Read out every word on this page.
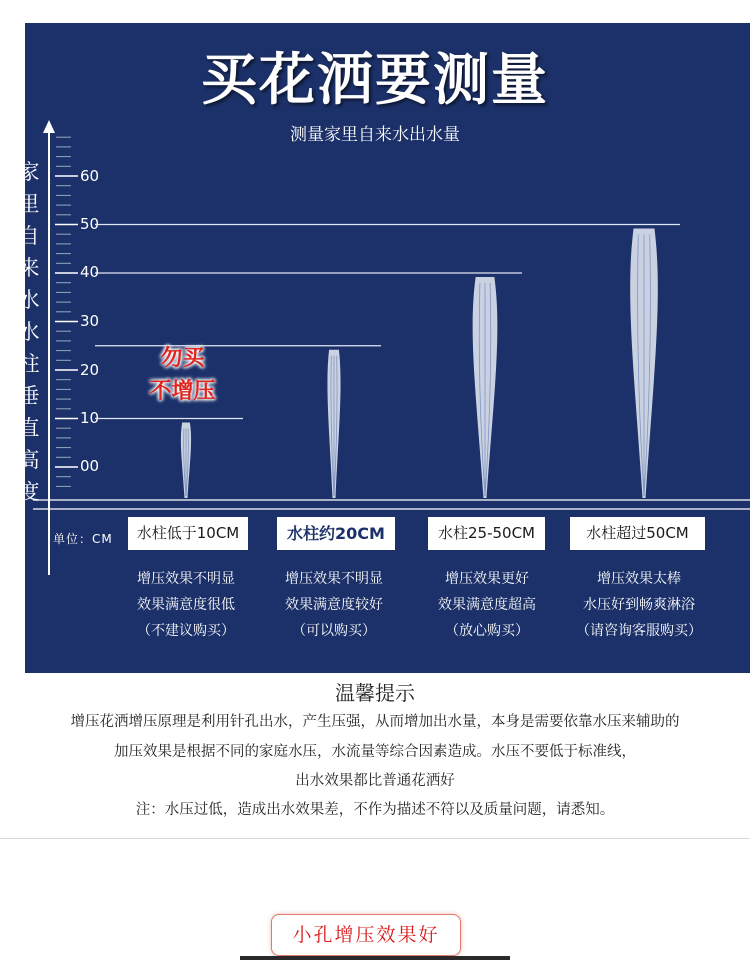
买花洒要测量
测量家里自来水出水量
家
里
自
来
水
水
柱
垂
直
高
度
60
50
40
30
20
10
00
单位：CM
勿买
不增压
水柱低于10CM	水柱约20CM	水柱25-50CM	水柱超过50CM
增压效果不明显
效果满意度很低
（不建议购买）
增压效果不明显
效果满意度较好
（可以购买）
增压效果更好
效果满意度超高
（放心购买）
增压效果太棒
水压好到畅爽淋浴
（请咨询客服购买）
温馨提示
增压花洒增压原理是利用针孔出水，产生压强，从而增加出水量，本身是需要依靠水压来辅助的
加压效果是根据不同的家庭水压，水流量等综合因素造成。水压不要低于标准线，
出水效果都比普通花洒好
注：水压过低，造成出水效果差，不作为描述不符以及质量问题，请悉知。
小孔增压效果好
